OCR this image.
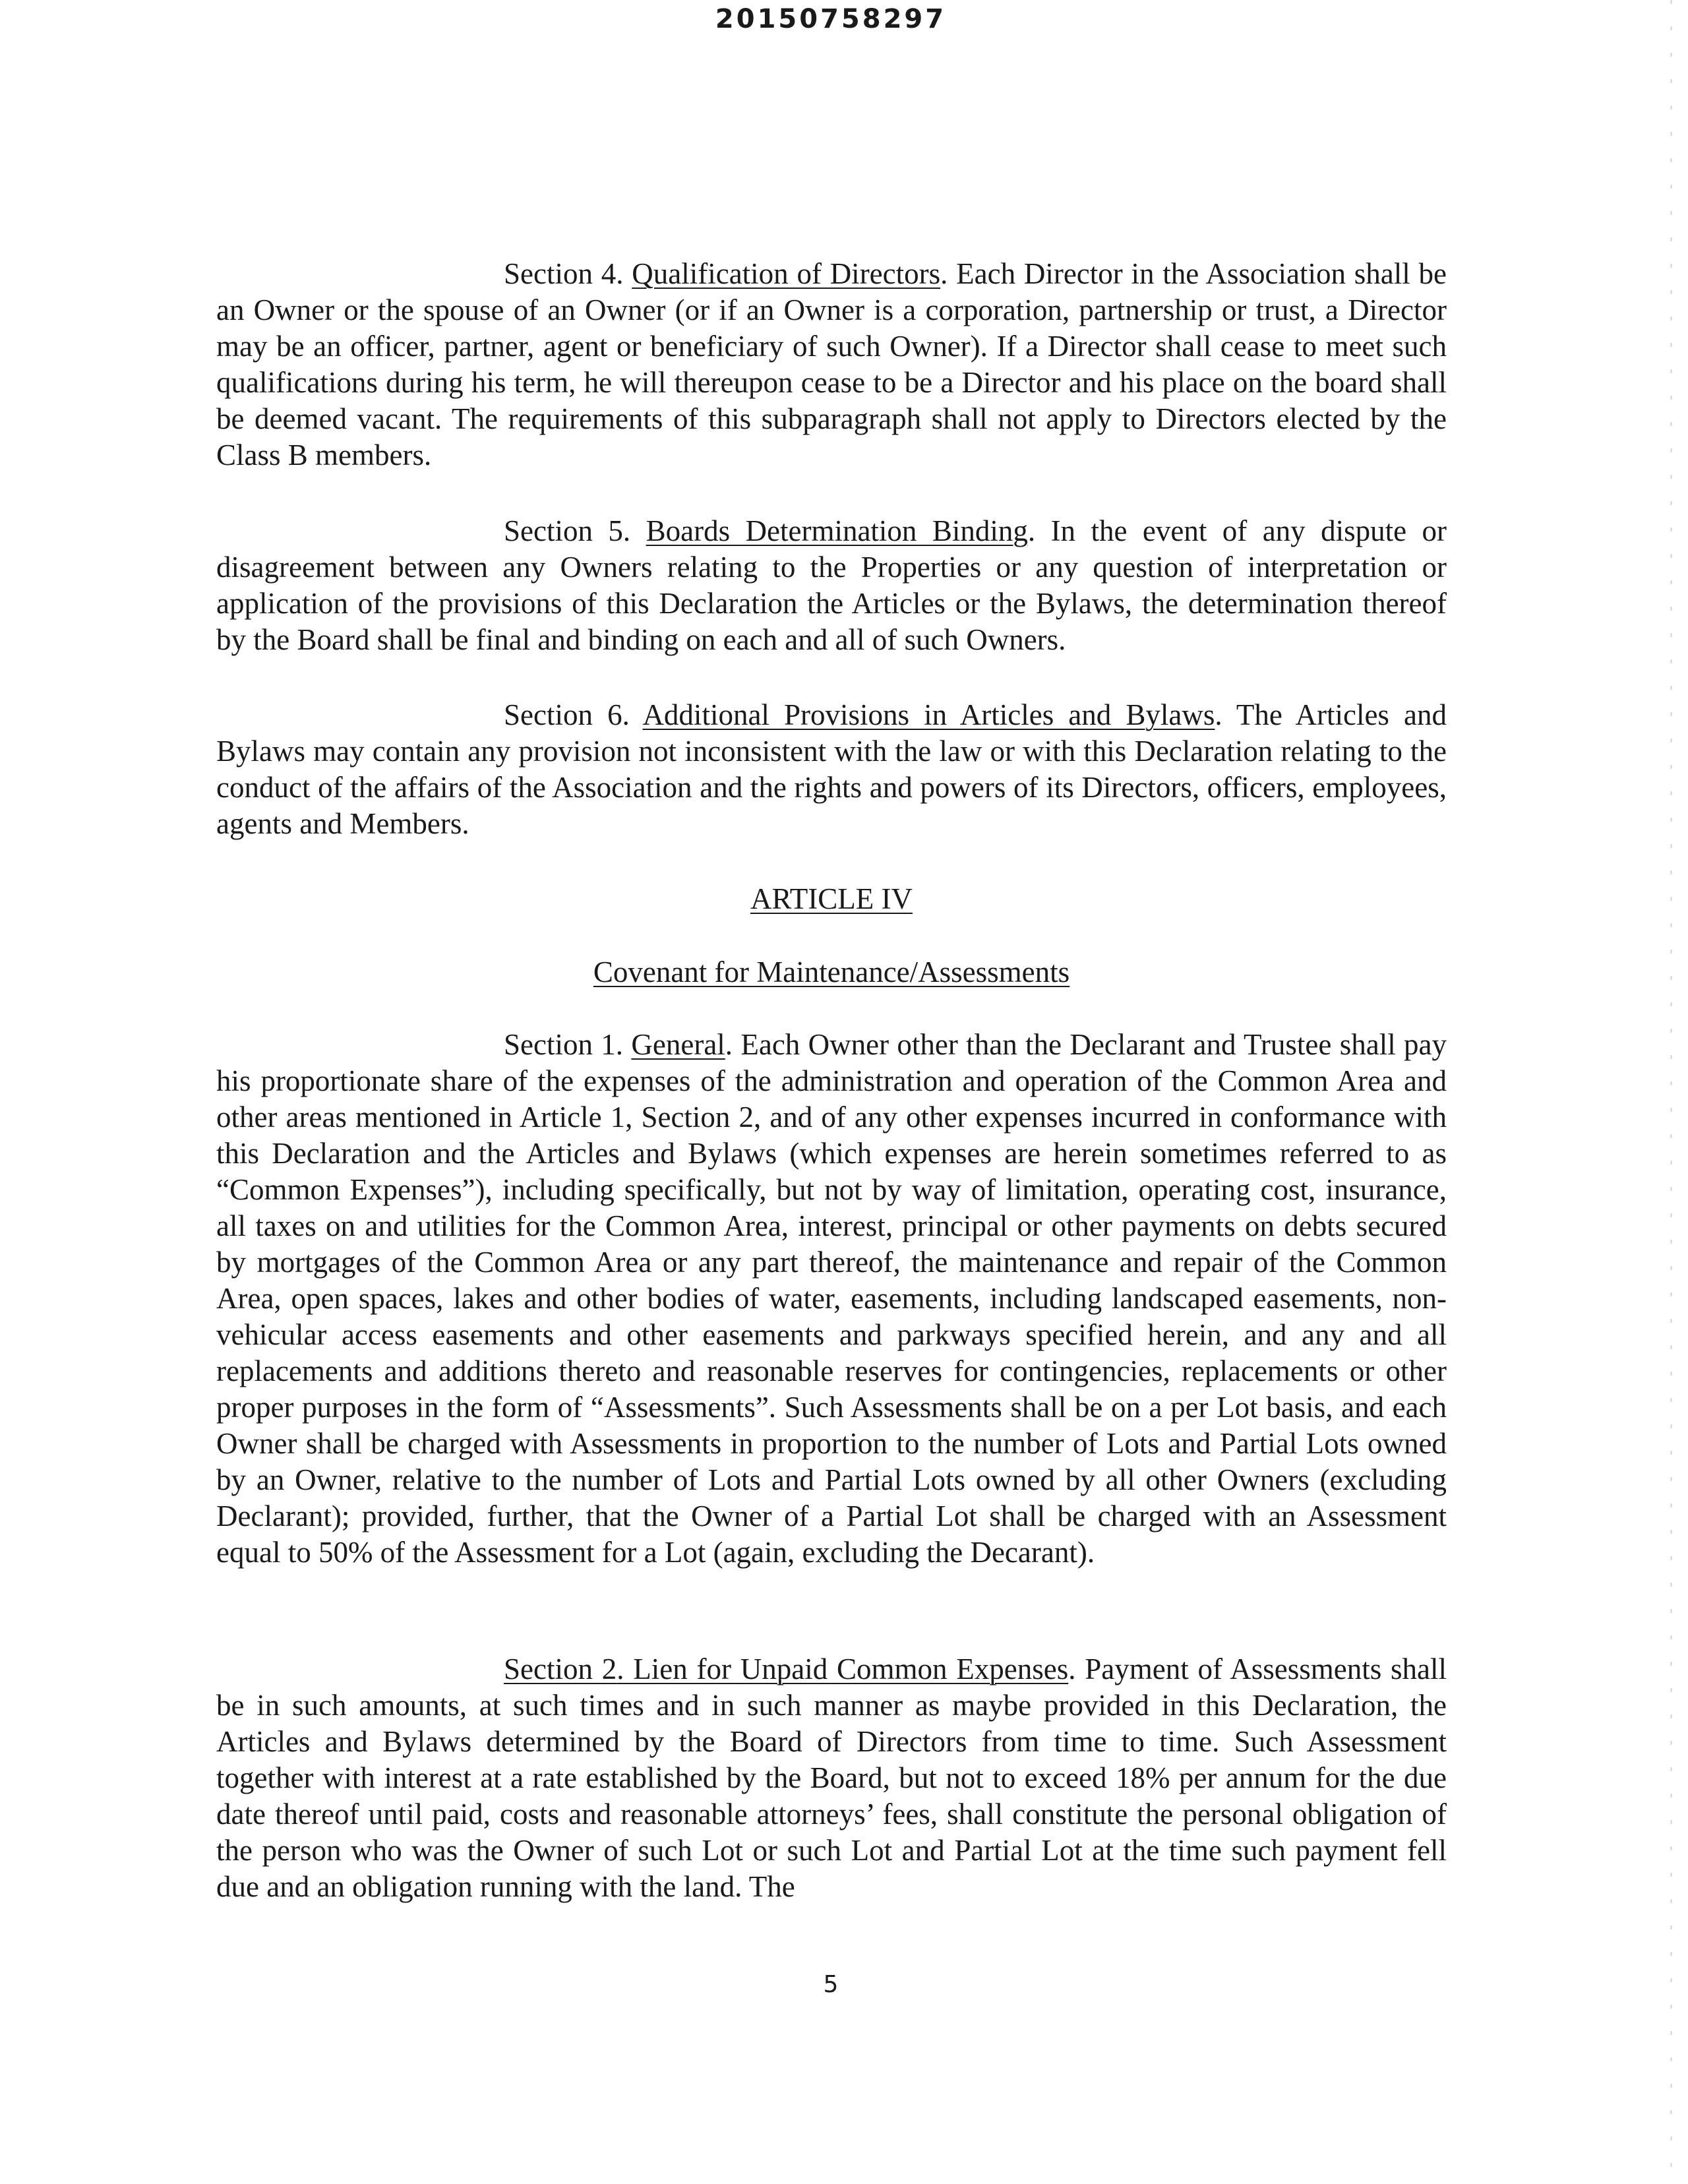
20150758297

Section 4. Qualification of Directors. Each Director in the Association shall be an Owner or the spouse of an Owner (or if an Owner is a corporation, partnership or trust, a Director may be an officer, partner, agent or beneficiary of such Owner). If a Director shall cease to meet such qualifications during his term, he will thereupon cease to be a Director and his place on the board shall be deemed vacant. The requirements of this subparagraph shall not apply to Directors elected by the Class B members.

Section 5. Boards Determination Binding. In the event of any dispute or disagreement between any Owners relating to the Properties or any question of interpretation or application of the provisions of this Declaration the Articles or the Bylaws, the determination thereof by the Board shall be final and binding on each and all of such Owners.

Section 6. Additional Provisions in Articles and Bylaws. The Articles and Bylaws may contain any provision not inconsistent with the law or with this Declaration relating to the conduct of the affairs of the Association and the rights and powers of its Directors, officers, employees, agents and Members.

ARTICLE IV

Covenant for Maintenance/Assessments

Section 1. General. Each Owner other than the Declarant and Trustee shall pay his proportionate share of the expenses of the administration and operation of the Common Area and other areas mentioned in Article 1, Section 2, and of any other expenses incurred in conformance with this Declaration and the Articles and Bylaws (which expenses are herein sometimes referred to as “Common Expenses”), including specifically, but not by way of limitation, operating cost, insurance, all taxes on and utilities for the Common Area, interest, principal or other payments on debts secured by mortgages of the Common Area or any part thereof, the maintenance and repair of the Common Area, open spaces, lakes and other bodies of water, easements, including landscaped easements, non-vehicular access easements and other easements and parkways specified herein, and any and all replacements and additions thereto and reasonable reserves for contingencies, replacements or other proper purposes in the form of “Assessments”. Such Assessments shall be on a per Lot basis, and each Owner shall be charged with Assessments in proportion to the number of Lots and Partial Lots owned by an Owner, relative to the number of Lots and Partial Lots owned by all other Owners (excluding Declarant); provided, further, that the Owner of a Partial Lot shall be charged with an Assessment equal to 50% of the Assessment for a Lot (again, excluding the Decarant).

Section 2. Lien for Unpaid Common Expenses. Payment of Assessments shall be in such amounts, at such times and in such manner as maybe provided in this Declaration, the Articles and Bylaws determined by the Board of Directors from time to time. Such Assessment together with interest at a rate established by the Board, but not to exceed 18% per annum for the due date thereof until paid, costs and reasonable attorneys’ fees, shall constitute the personal obligation of the person who was the Owner of such Lot or such Lot and Partial Lot at the time such payment fell due and an obligation running with the land. The

5
